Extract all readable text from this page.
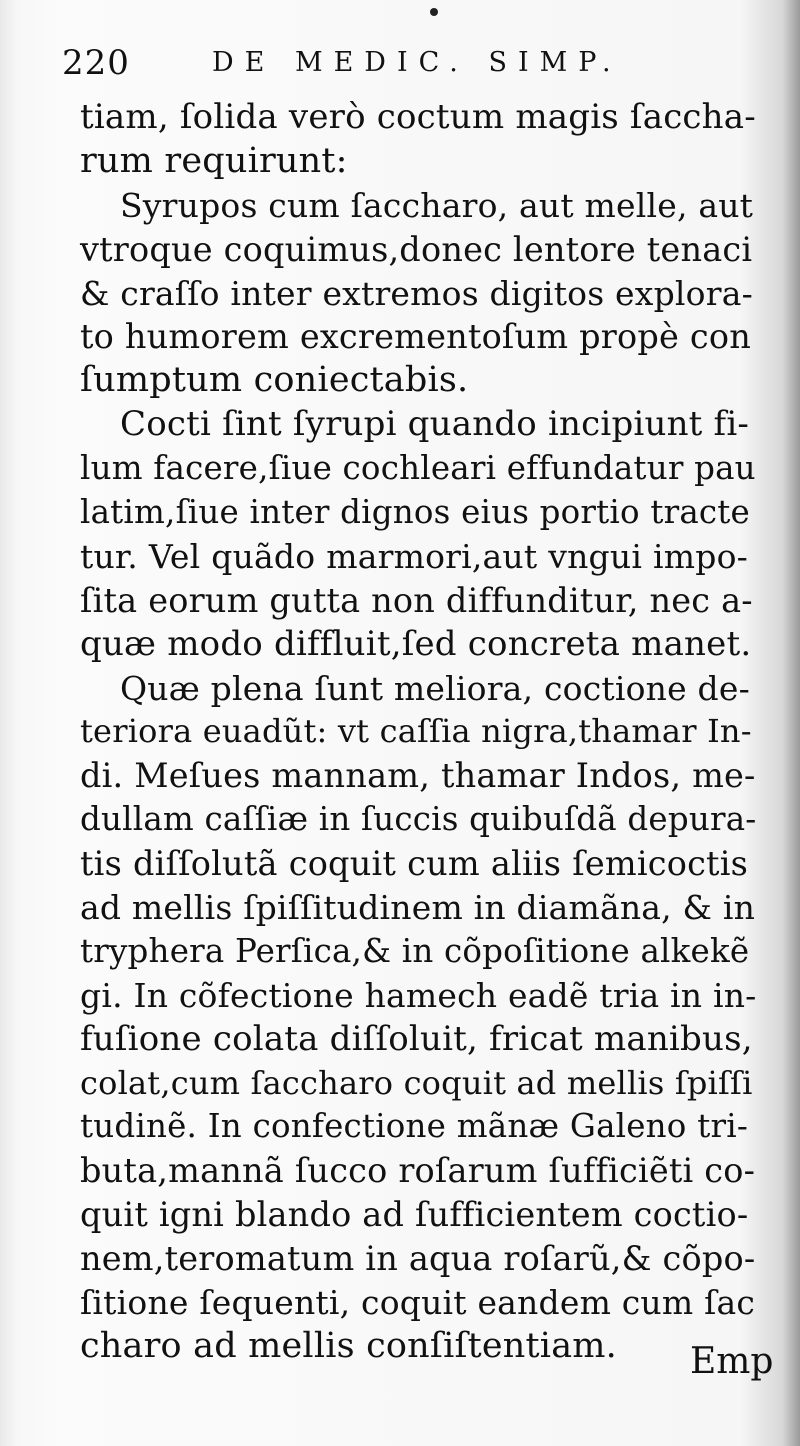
220	DE MEDIC. SIMP.
tiam, ſolida verò coctum magis ſaccha-
rum requirunt:
Syrupos cum ſaccharo, aut melle, aut
vtroque coquimus,donec lentore tenaci
& craſſo inter extremos digitos explora-
to humorem excrementoſum propè con
ſumptum coniectabis.
Cocti ſint ſyrupi quando incipiunt fi-
lum facere,ſiue cochleari effundatur pau
latim,ſiue inter dignos eius portio tracte
tur. Vel quãdo marmori,aut vngui impo-
ſita eorum gutta non diffunditur, nec a-
quæ modo diffluit,ſed concreta manet.
Quæ plena ſunt meliora, coctione de-
teriora euadũt: vt caſſia nigra,thamar In-
di. Meſues mannam, thamar Indos, me-
dullam caſſiæ in ſuccis quibuſdã depura-
tis diſſolutã coquit cum aliis ſemicoctis
ad mellis ſpiſſitudinem in diamãna, & in
tryphera Perſica,& in cõpoſitione alkekẽ
gi. In cõfectione hamech eadẽ tria in in-
fuſione colata diſſoluit, fricat manibus,
colat,cum ſaccharo coquit ad mellis ſpiſſi
tudinẽ. In confectione mãnæ Galeno tri-
buta,mannã ſucco roſarum ſufficiẽti co-
quit igni blando ad ſufficientem coctio-
nem,teromatum in aqua roſarũ,& cõpo-
ſitione ſequenti, coquit eandem cum ſac
charo ad mellis conſiſtentiam.	Emp
